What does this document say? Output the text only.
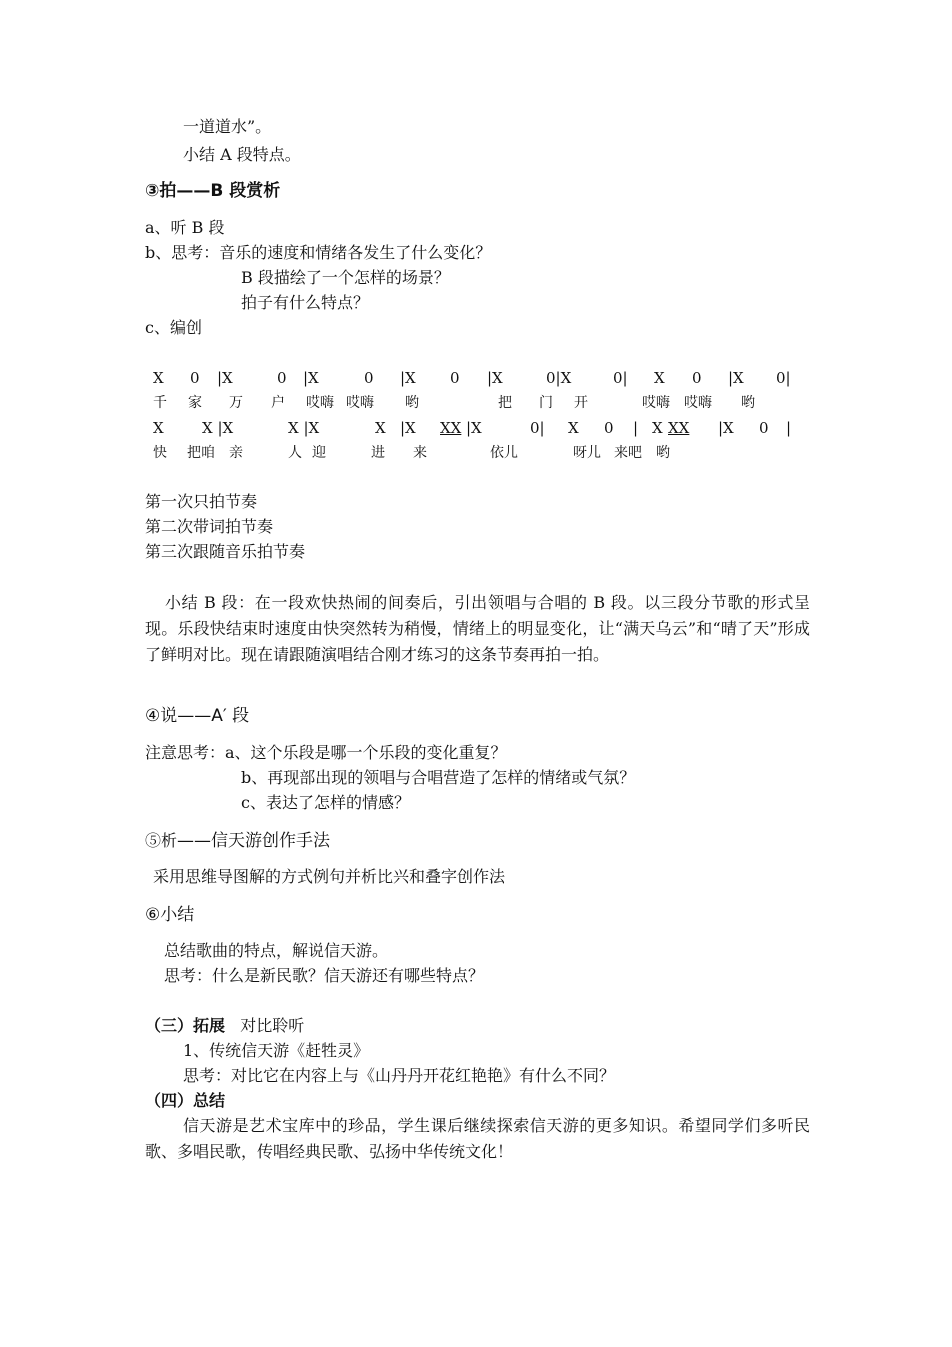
一道道水”。
小结 A 段特点。
③拍——B 段赏析
a、听 B 段
b、思考：音乐的速度和情绪各发生了什么变化？
B 段描绘了一个怎样的场景？
拍子有什么特点？
c、编创
X 0 |X	0 |X	0 |X 0 |X	0|X	0| X 0 |X 0|
千 家 万 户 哎嗨 哎嗨 哟	把 门 开	哎嗨 哎嗨 哟
X	X |X	X |X	X |X XX |X	0| X 0 | X XX |X 0 |
快 把咱 亲	人 迎	进 来	依儿	呀儿 来吧 哟
第一次只拍节奏
第二次带词拍节奏
第三次跟随音乐拍节奏
小结 B 段：在一段欢快热闹的间奏后，引出领唱与合唱的 B 段。以三段分节歌的形式呈现。乐段快结束时速度由快突然转为稍慢，情绪上的明显变化，让“满天乌云”和“晴了天”形成了鲜明对比。现在请跟随演唱结合刚才练习的这条节奏再拍一拍。
④说——A′ 段
注意思考：a、这个乐段是哪一个乐段的变化重复？
b、再现部出现的领唱与合唱营造了怎样的情绪或气氛？
c、表达了怎样的情感？
⑤析——信天游创作手法
采用思维导图解的方式例句并析比兴和叠字创作法
⑥小结
总结歌曲的特点，解说信天游。
思考：什么是新民歌？信天游还有哪些特点？
（三）拓展 对比聆听
1、传统信天游《赶牲灵》
思考：对比它在内容上与《山丹丹开花红艳艳》有什么不同？
（四）总结
信天游是艺术宝库中的珍品，学生课后继续探索信天游的更多知识。希望同学们多听民歌、多唱民歌，传唱经典民歌、弘扬中华传统文化！
